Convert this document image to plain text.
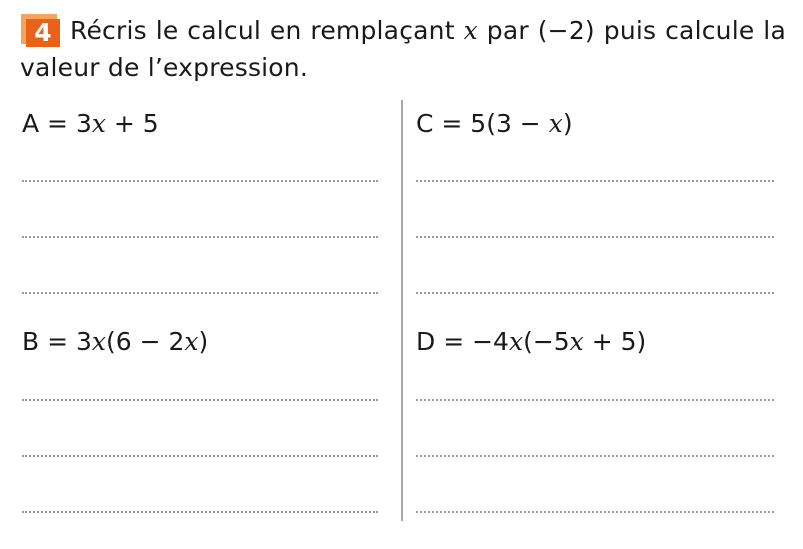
4 Récris le calcul en remplaçant x par (−2) puis calcule la valeur de l’expression.
A = 3x + 5	C = 5(3 − x)
B = 3x(6 − 2x)	D = −4x(−5x + 5)
